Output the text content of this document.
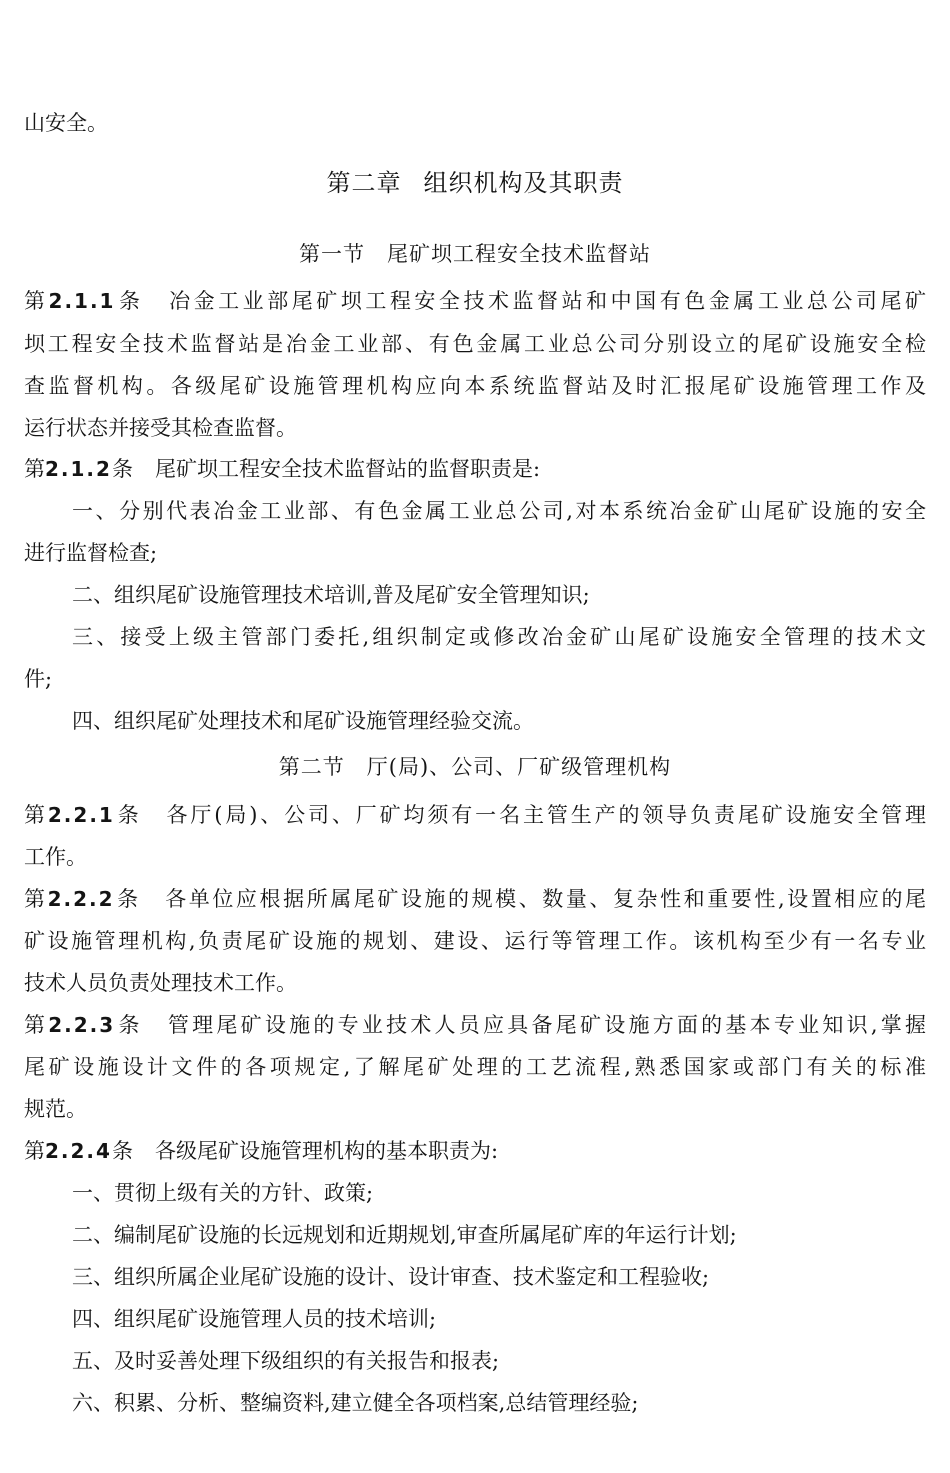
山安全。
第二章 组织机构及其职责
第一节 尾矿坝工程安全技术监督站
第2.1.1条 冶金工业部尾矿坝工程安全技术监督站和中国有色金属工业总公司尾矿
坝工程安全技术监督站是冶金工业部、有色金属工业总公司分别设立的尾矿设施安全检
查监督机构。各级尾矿设施管理机构应向本系统监督站及时汇报尾矿设施管理工作及
运行状态并接受其检查监督。
第2.1.2条 尾矿坝工程安全技术监督站的监督职责是:
一、分别代表冶金工业部、有色金属工业总公司,对本系统冶金矿山尾矿设施的安全
进行监督检查;
二、组织尾矿设施管理技术培训,普及尾矿安全管理知识;
三、接受上级主管部门委托,组织制定或修改冶金矿山尾矿设施安全管理的技术文
件;
四、组织尾矿处理技术和尾矿设施管理经验交流。
第二节 厅(局)、公司、厂矿级管理机构
第2.2.1条 各厅(局)、公司、厂矿均须有一名主管生产的领导负责尾矿设施安全管理
工作。
第2.2.2条 各单位应根据所属尾矿设施的规模、数量、复杂性和重要性,设置相应的尾
矿设施管理机构,负责尾矿设施的规划、建设、运行等管理工作。该机构至少有一名专业
技术人员负责处理技术工作。
第2.2.3条 管理尾矿设施的专业技术人员应具备尾矿设施方面的基本专业知识,掌握
尾矿设施设计文件的各项规定,了解尾矿处理的工艺流程,熟悉国家或部门有关的标准
规范。
第2.2.4条 各级尾矿设施管理机构的基本职责为:
一、贯彻上级有关的方针、政策;
二、编制尾矿设施的长远规划和近期规划,审查所属尾矿库的年运行计划;
三、组织所属企业尾矿设施的设计、设计审查、技术鉴定和工程验收;
四、组织尾矿设施管理人员的技术培训;
五、及时妥善处理下级组织的有关报告和报表;
六、积累、分析、整编资料,建立健全各项档案,总结管理经验;
